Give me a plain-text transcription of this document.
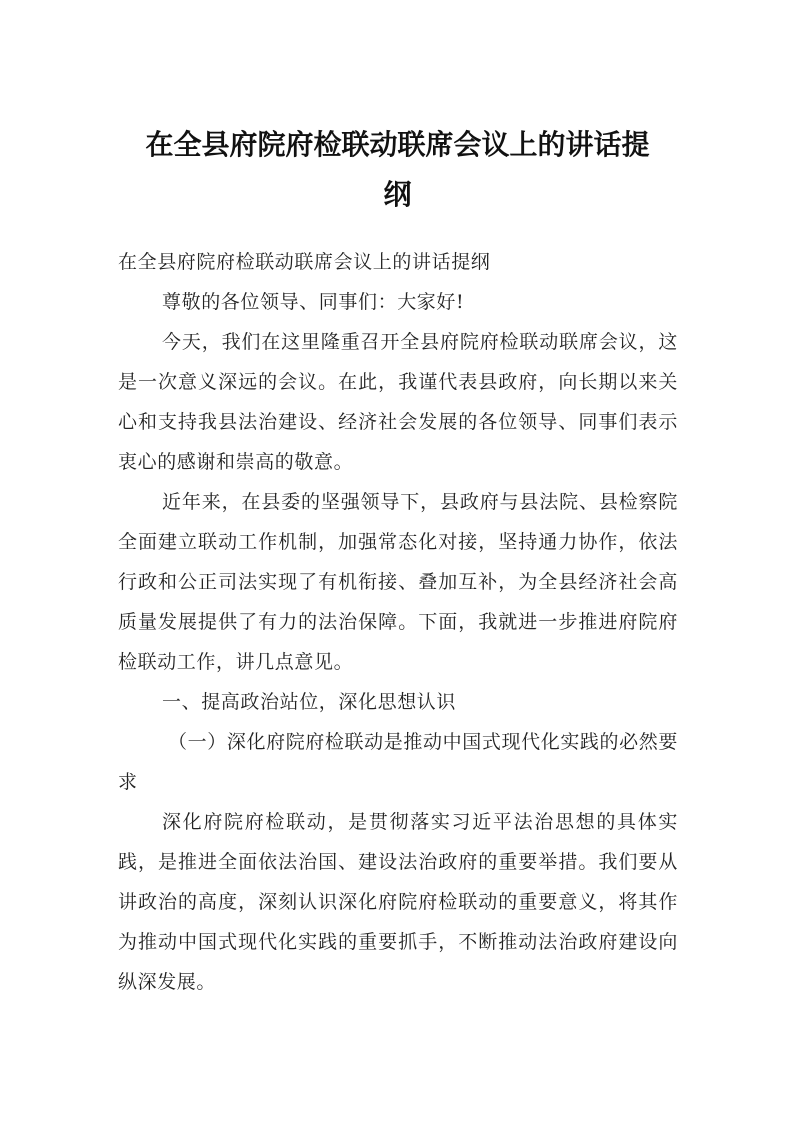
在全县府院府检联动联席会议上的讲话提
纲

在全县府院府检联动联席会议上的讲话提纲

尊敬的各位领导、同事们：大家好!

今天，我们在这里隆重召开全县府院府检联动联席会议，这是一次意义深远的会议。在此，我谨代表县政府，向长期以来关心和支持我县法治建设、经济社会发展的各位领导、同事们表示衷心的感谢和崇高的敬意。

近年来，在县委的坚强领导下，县政府与县法院、县检察院全面建立联动工作机制，加强常态化对接，坚持通力协作，依法行政和公正司法实现了有机衔接、叠加互补，为全县经济社会高质量发展提供了有力的法治保障。下面，我就进一步推进府院府检联动工作，讲几点意见。

一、提高政治站位，深化思想认识

（一）深化府院府检联动是推动中国式现代化实践的必然要求

深化府院府检联动，是贯彻落实习近平法治思想的具体实践，是推进全面依法治国、建设法治政府的重要举措。我们要从讲政治的高度，深刻认识深化府院府检联动的重要意义，将其作为推动中国式现代化实践的重要抓手，不断推动法治政府建设向纵深发展。
